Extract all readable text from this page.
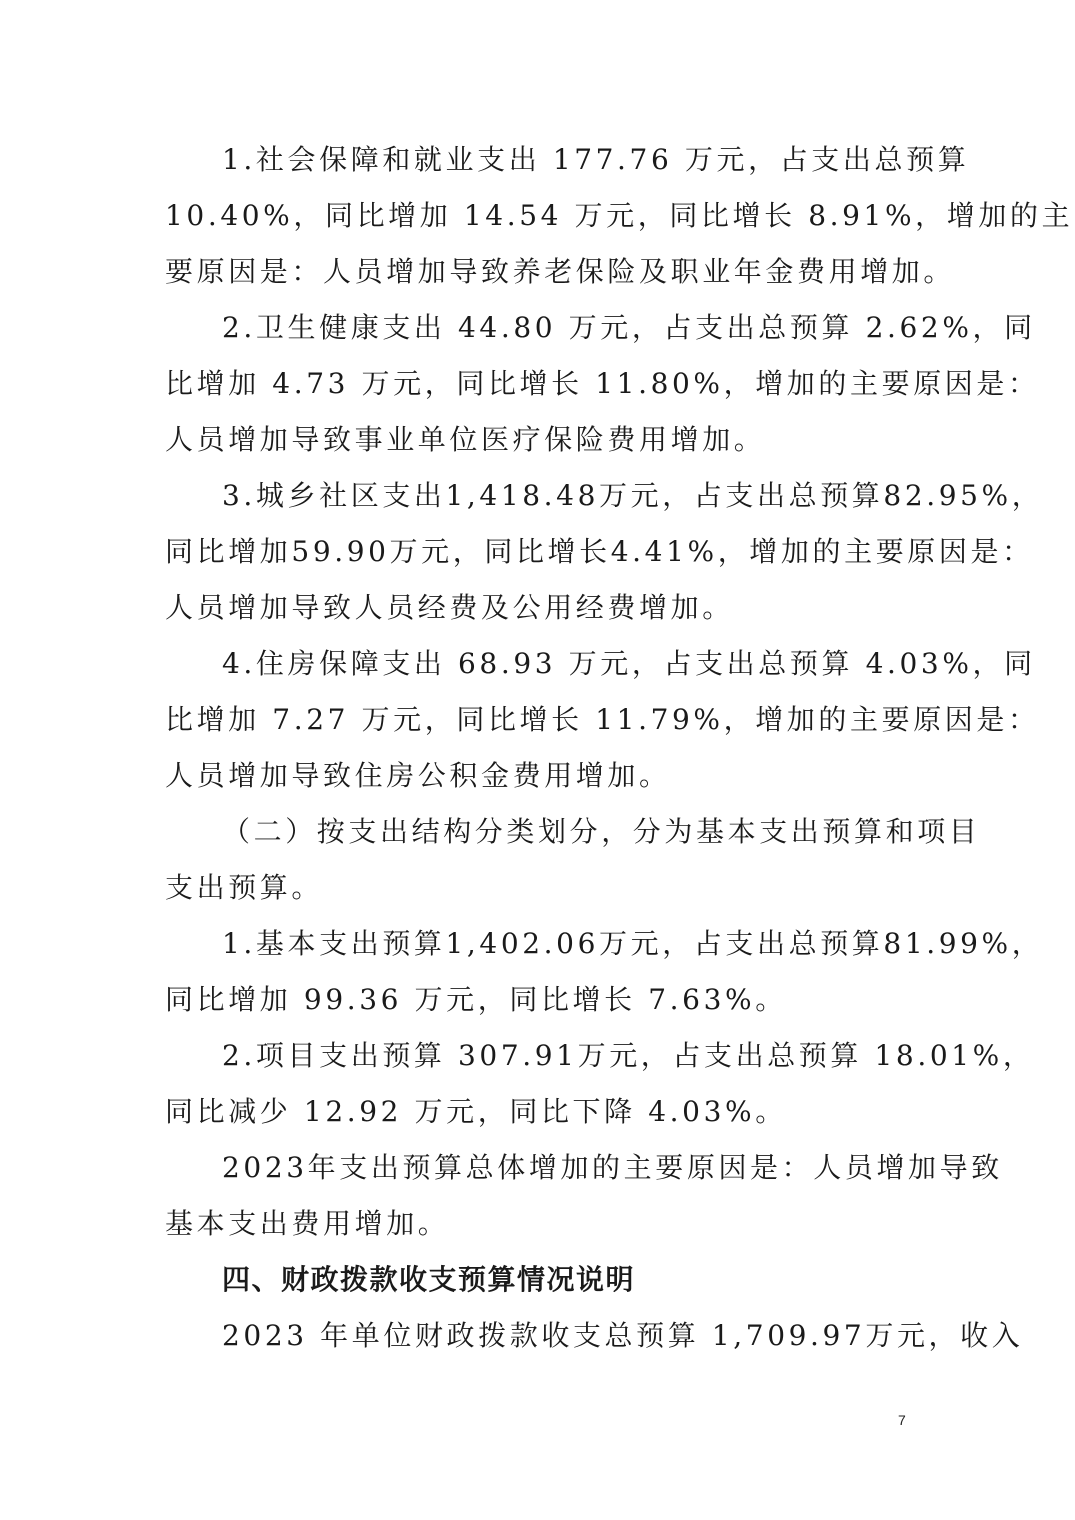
1.社会保障和就业支出 177.76 万元，占支出总预算
10.40%，同比增加 14.54 万元，同比增长 8.91%，增加的主
要原因是：人员增加导致养老保险及职业年金费用增加。
2.卫生健康支出 44.80 万元，占支出总预算 2.62%，同
比增加 4.73 万元，同比增长 11.80%，增加的主要原因是：
人员增加导致事业单位医疗保险费用增加。
3.城乡社区支出1,418.48万元，占支出总预算82.95%，
同比增加59.90万元，同比增长4.41%，增加的主要原因是：
人员增加导致人员经费及公用经费增加。
4.住房保障支出 68.93 万元，占支出总预算 4.03%，同
比增加 7.27 万元，同比增长 11.79%，增加的主要原因是：
人员增加导致住房公积金费用增加。
（二）按支出结构分类划分，分为基本支出预算和项目
支出预算。
1.基本支出预算1,402.06万元，占支出总预算81.99%，
同比增加 99.36 万元，同比增长 7.63%。
2.项目支出预算 307.91万元，占支出总预算 18.01%，
同比减少 12.92 万元，同比下降 4.03%。
2023年支出预算总体增加的主要原因是：人员增加导致
基本支出费用增加。
四、财政拨款收支预算情况说明
2023 年单位财政拨款收支总预算 1,709.97万元，收入
7
